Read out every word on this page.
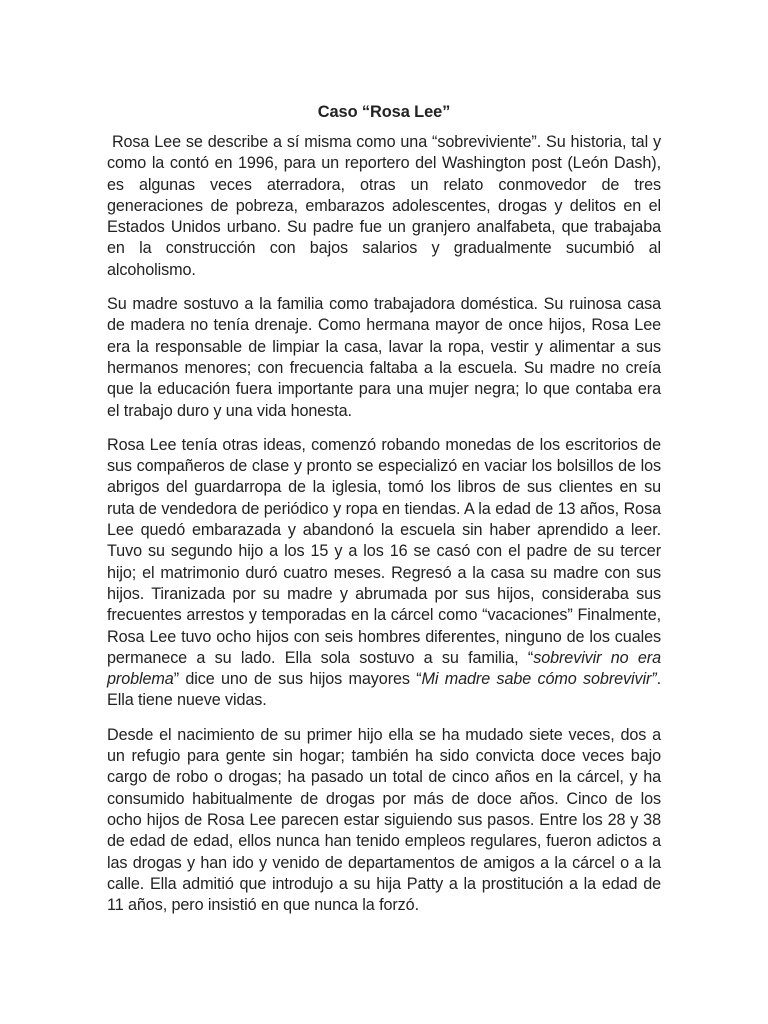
Caso “Rosa Lee”

Rosa Lee se describe a sí misma como una “sobreviviente”. Su historia, tal y como la contó en 1996, para un reportero del Washington post (León Dash), es algunas veces aterradora, otras un relato conmovedor de tres generaciones de pobreza, embarazos adolescentes, drogas y delitos en el Estados Unidos urbano. Su padre fue un granjero analfabeta, que trabajaba en la construcción con bajos salarios y gradualmente sucumbió al alcoholismo.

Su madre sostuvo a la familia como trabajadora doméstica. Su ruinosa casa de madera no tenía drenaje. Como hermana mayor de once hijos, Rosa Lee era la responsable de limpiar la casa, lavar la ropa, vestir y alimentar a sus hermanos menores; con frecuencia faltaba a la escuela. Su madre no creía que la educación fuera importante para una mujer negra; lo que contaba era el trabajo duro y una vida honesta.

Rosa Lee tenía otras ideas, comenzó robando monedas de los escritorios de sus compañeros de clase y pronto se especializó en vaciar los bolsillos de los abrigos del guardarropa de la iglesia, tomó los libros de sus clientes en su ruta de vendedora de periódico y ropa en tiendas. A la edad de 13 años, Rosa Lee quedó embarazada y abandonó la escuela sin haber aprendido a leer. Tuvo su segundo hijo a los 15 y a los 16 se casó con el padre de su tercer hijo; el matrimonio duró cuatro meses. Regresó a la casa su madre con sus hijos. Tiranizada por su madre y abrumada por sus hijos, consideraba sus frecuentes arrestos y temporadas en la cárcel como “vacaciones” Finalmente, Rosa Lee tuvo ocho hijos con seis hombres diferentes, ninguno de los cuales permanece a su lado. Ella sola sostuvo a su familia, “sobrevivir no era problema” dice uno de sus hijos mayores “Mi madre sabe cómo sobrevivir”. Ella tiene nueve vidas.

Desde el nacimiento de su primer hijo ella se ha mudado siete veces, dos a un refugio para gente sin hogar; también ha sido convicta doce veces bajo cargo de robo o drogas; ha pasado un total de cinco años en la cárcel, y ha consumido habitualmente de drogas por más de doce años. Cinco de los ocho hijos de Rosa Lee parecen estar siguiendo sus pasos. Entre los 28 y 38 de edad de edad, ellos nunca han tenido empleos regulares, fueron adictos a las drogas y han ido y venido de departamentos de amigos a la cárcel o a la calle. Ella admitió que introdujo a su hija Patty a la prostitución a la edad de 11 años, pero insistió en que nunca la forzó.
